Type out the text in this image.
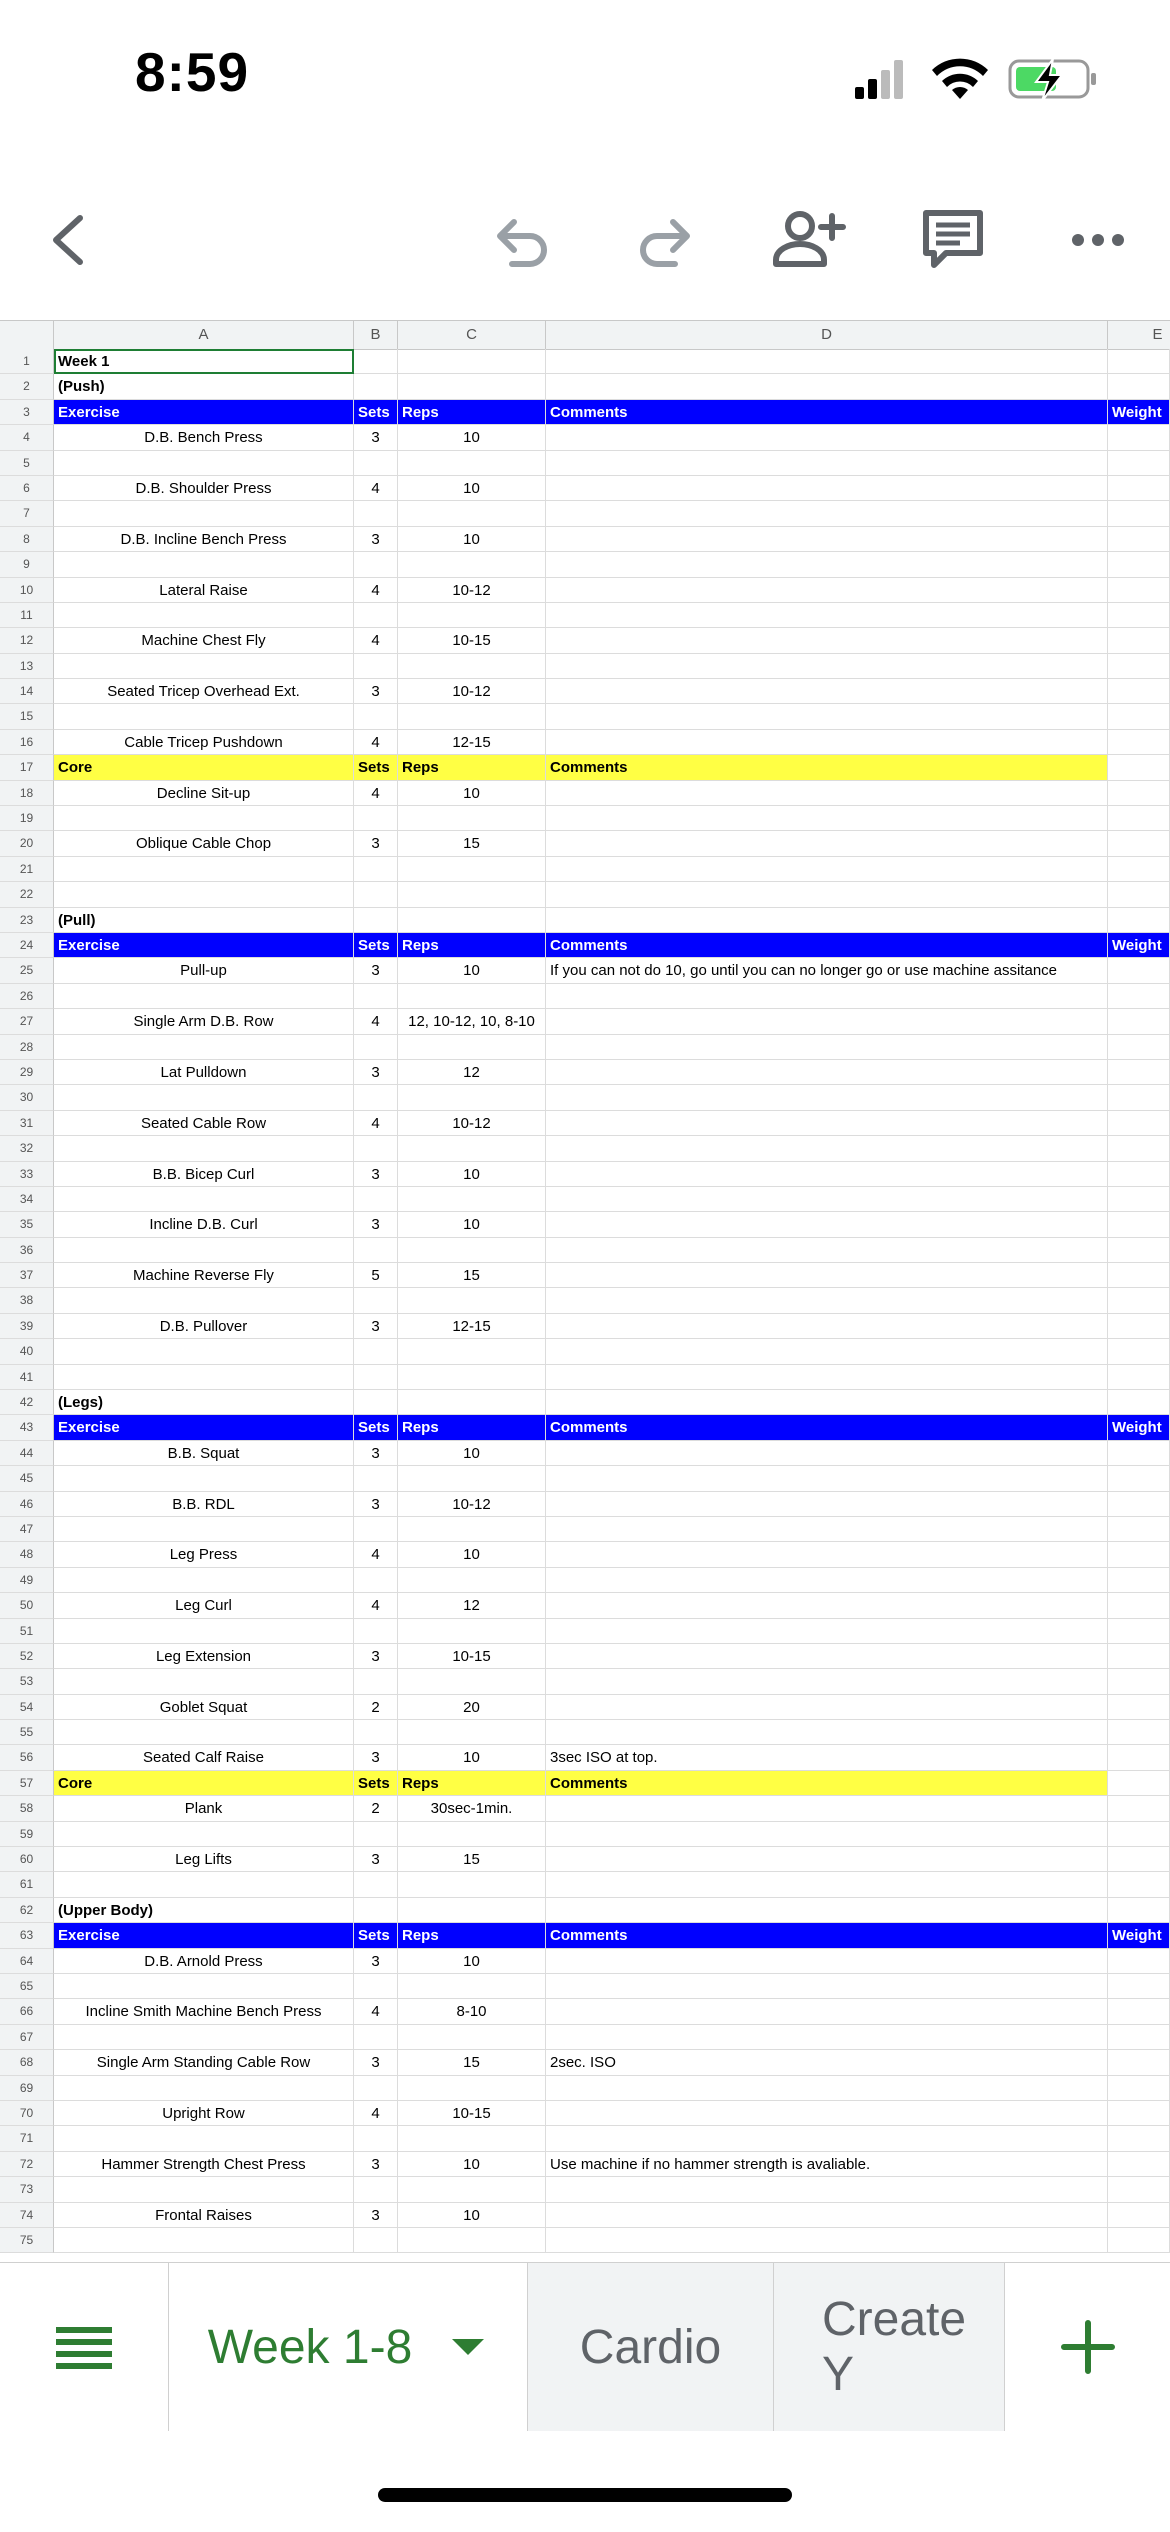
8:59
A	B	C	D	E
1	Week 1
2	(Push)
3	Exercise	Sets Reps	Comments	Weight
4	D.B. Bench Press	3	10
5
6	D.B. Shoulder Press	4	10
7
8	D.B. Incline Bench Press	3	10
9
10	Lateral Raise	4	10-12
11
12	Machine Chest Fly	4	10-15
13
14	Seated Tricep Overhead Ext.	3	10-12
15
16	Cable Tricep Pushdown	4	12-15
17	Core	Sets Reps	Comments
18	Decline Sit-up	4	10
19
20	Oblique Cable Chop	3	15
21
22
23	(Pull)
24	Exercise	Sets Reps	Comments	Weight
25	Pull-up	3	10	If you can not do 10, go until you can no longer go or use machine assitance
26
27	Single Arm D.B. Row	4	12, 10-12, 10, 8-10
28
29	Lat Pulldown	3	12
30
31	Seated Cable Row	4	10-12
32
33	B.B. Bicep Curl	3	10
34
35	Incline D.B. Curl	3	10
36
37	Machine Reverse Fly	5	15
38
39	D.B. Pullover	3	12-15
40
41
42	(Legs)
43	Exercise	Sets Reps	Comments	Weight
44	B.B. Squat	3	10
45
46	B.B. RDL	3	10-12
47
48	Leg Press	4	10
49
50	Leg Curl	4	12
51
52	Leg Extension	3	10-15
53
54	Goblet Squat	2	20
55
56	Seated Calf Raise	3	10	3sec ISO at top.
57	Core	Sets Reps	Comments
58	Plank	2	30sec-1min.
59
60	Leg Lifts	3	15
61
62	(Upper Body)
63	Exercise	Sets Reps	Comments	Weight
64	D.B. Arnold Press	3	10
65
66	Incline Smith Machine Bench Press	4	8-10
67
68	Single Arm Standing Cable Row	3	15	2sec. ISO
69
70	Upright Row	4	10-15
71
72	Hammer Strength Chest Press	3	10	Use machine if no hammer strength is avaliable.
73
74	Frontal Raises	3	10
75
Week 1-8	Cardio
Create Y
